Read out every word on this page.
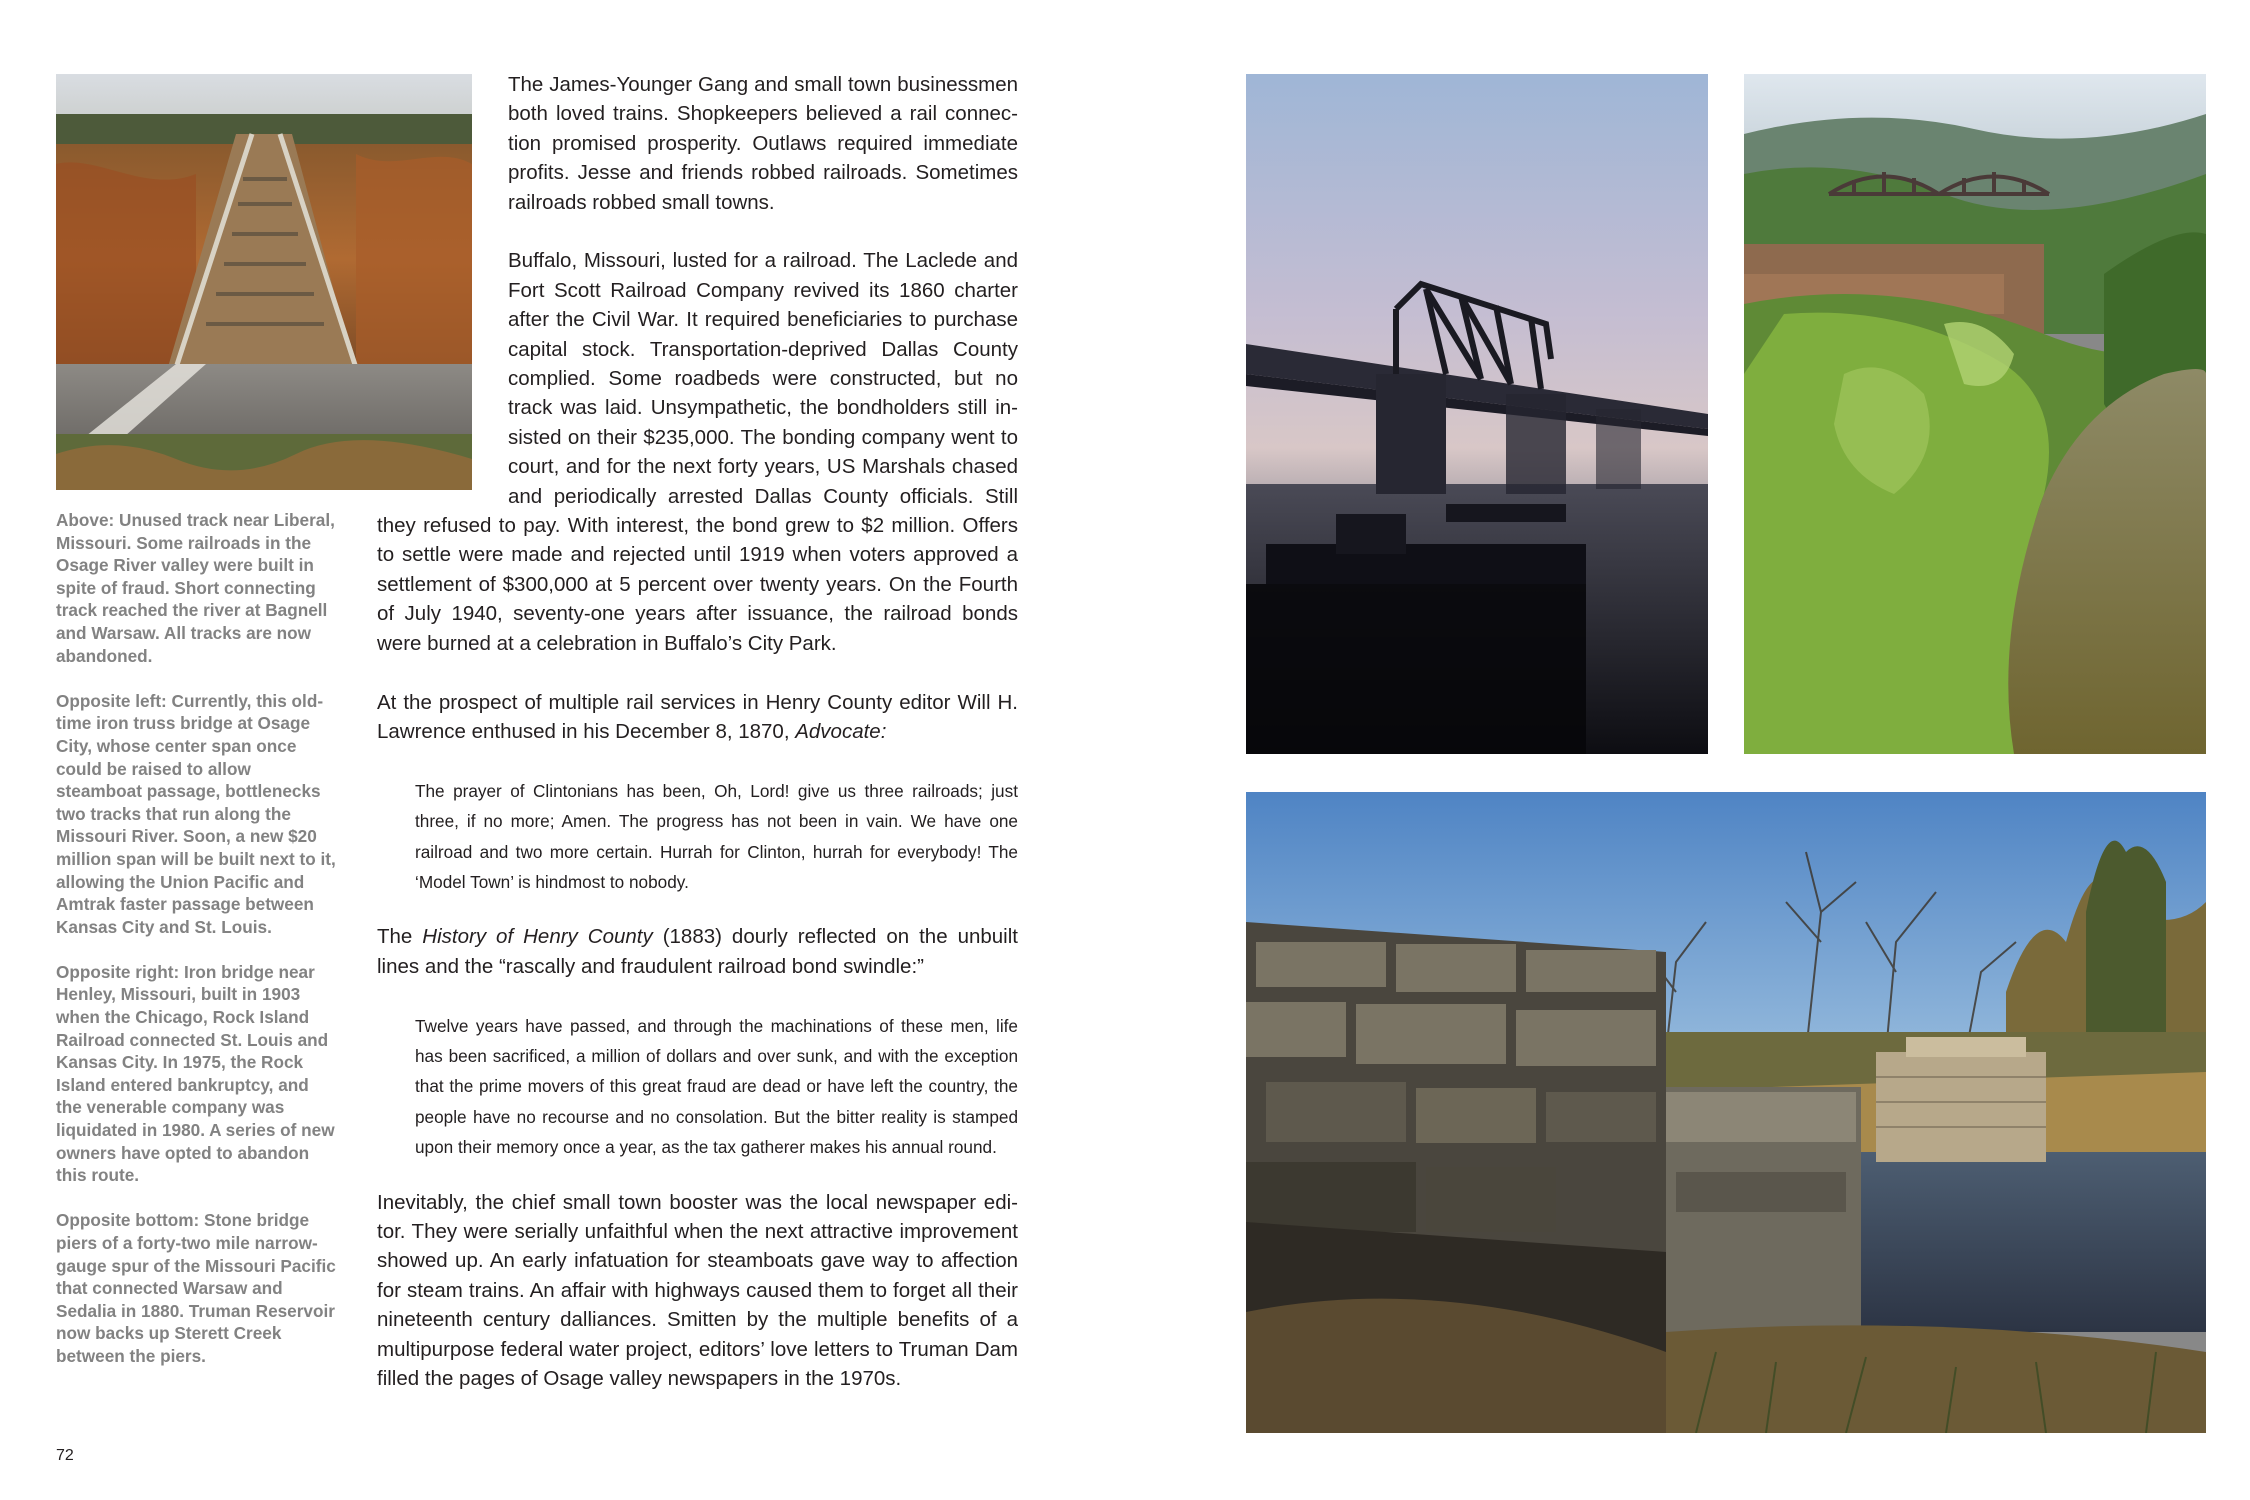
The James-Younger Gang and small town businessmen both loved trains. Shopkeepers believed a rail connection promised prosperity. Outlaws required immediate profits. Jesse and friends robbed railroads. Sometimes railroads robbed small towns.

Buffalo, Missouri, lusted for a railroad. The Laclede and Fort Scott Railroad Company revived its 1860 charter after the Civil War. It required beneficiaries to purchase capital stock. Transportation-deprived Dallas County complied. Some roadbeds were constructed, but no track was laid. Unsympathetic, the bondholders still insisted on their $235,000. The bonding company went to court, and for the next forty years, US Marshals chased and periodically arrested Dallas County officials. Still they refused to pay. With interest, the bond grew to $2 million. Offers to settle were made and rejected until 1919 when voters approved a settlement of $300,000 at 5 percent over twenty years. On the Fourth of July 1940, seventy-one years after issuance, the railroad bonds were burned at a celebration in Buffalo’s City Park.

At the prospect of multiple rail services in Henry County editor Will H. Lawrence enthused in his December 8, 1870, Advocate:

The prayer of Clintonians has been, Oh, Lord! give us three railroads; just three, if no more; Amen. The progress has not been in vain. We have one railroad and two more certain. Hurrah for Clinton, hurrah for everybody! The ‘Model Town’ is hindmost to nobody.

The History of Henry County (1883) dourly reflected on the unbuilt lines and the “rascally and fraudulent railroad bond swindle:”

Twelve years have passed, and through the machinations of these men, life has been sacrificed, a million of dollars and over sunk, and with the exception that the prime movers of this great fraud are dead or have left the country, the people have no recourse and no consolation. But the bitter reality is stamped upon their memory once a year, as the tax gatherer makes his annual round.

Inevitably, the chief small town booster was the local newspaper editor. They were serially unfaithful when the next attractive improvement showed up. An early infatuation for steamboats gave way to affection for steam trains. An affair with highways caused them to forget all their nineteenth century dalliances. Smitten by the multiple benefits of a multipurpose federal water project, editors’ love letters to Truman Dam filled the pages of Osage valley newspapers in the 1970s.

Above: Unused track near Liberal, Missouri. Some railroads in the Osage River valley were built in spite of fraud. Short connecting track reached the river at Bagnell and Warsaw. All tracks are now abandoned.

Opposite left: Currently, this old-time iron truss bridge at Osage City, whose center span once could be raised to allow steamboat passage, bottlenecks two tracks that run along the Missouri River. Soon, a new $20 million span will be built next to it, allowing the Union Pacific and Amtrak faster passage between Kansas City and St. Louis.

Opposite right: Iron bridge near Henley, Missouri, built in 1903 when the Chicago, Rock Island Railroad connected St. Louis and Kansas City. In 1975, the Rock Island entered bankruptcy, and the venerable company was liquidated in 1980. A series of new owners have opted to abandon this route.

Opposite bottom: Stone bridge piers of a forty-two mile narrow-gauge spur of the Missouri Pacific that connected Warsaw and Sedalia in 1880. Truman Reservoir now backs up Sterett Creek between the piers.

72
